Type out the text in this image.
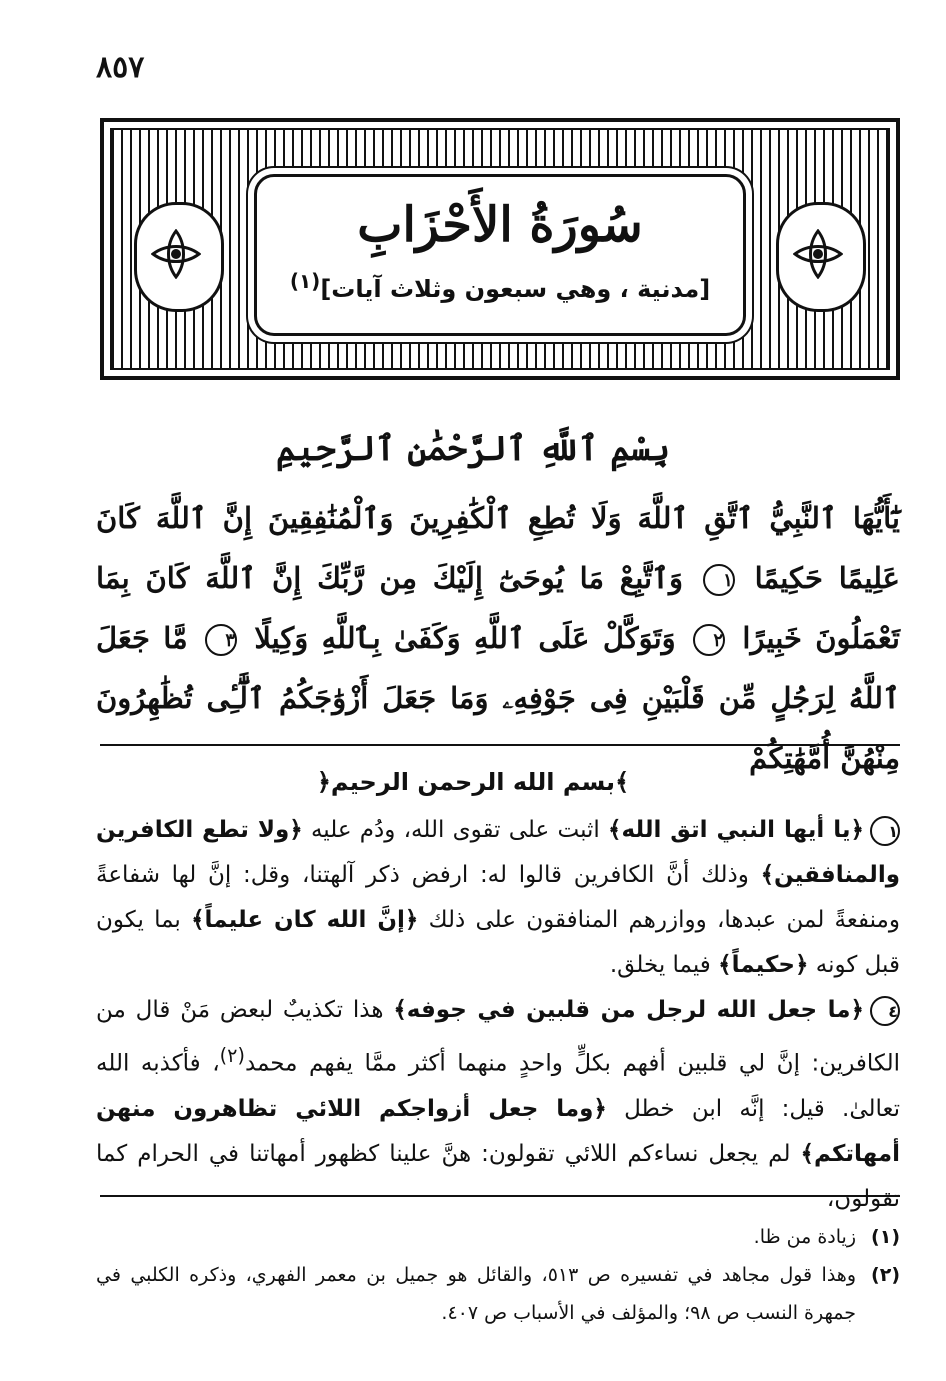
٨٥٧
سُورَةُ الأَحْزَابِ
[مدنية ، وهي سبعون وثلاث آيات]$^{(١)}$
بِسْمِ ٱللَّهِ ٱلرَّحْمَٰنِ ٱلرَّحِيمِ
يَٰٓأَيُّهَا ٱلنَّبِيُّ ٱتَّقِ ٱللَّهَ وَلَا تُطِعِ ٱلْكَٰفِرِينَ وَٱلْمُنَٰفِقِينَ إِنَّ ٱللَّهَ كَانَ عَلِيمًا حَكِيمًا ١ وَٱتَّبِعْ مَا يُوحَىٰٓ إِلَيْكَ مِن رَّبِّكَ إِنَّ ٱللَّهَ كَانَ بِمَا تَعْمَلُونَ خَبِيرًا ٢ وَتَوَكَّلْ عَلَى ٱللَّهِ وَكَفَىٰ بِٱللَّهِ وَكِيلًا ٣ مَّا جَعَلَ ٱللَّهُ لِرَجُلٍ مِّن قَلْبَيْنِ فِى جَوْفِهِۦ وَمَا جَعَلَ أَزْوَٰجَكُمُ ٱلَّٰٓـِٔى تُظَٰهِرُونَ مِنْهُنَّ أُمَّهَٰتِكُمْ
﴿بسم الله الرحمن الرحيم﴾

١﴿يا أيها النبي اتق الله﴾ اثبت على تقوى الله، ودُم عليه ﴿ولا تطع الكافرين والمنافقين﴾ وذلك أنَّ الكافرين قالوا له: ارفض ذكر آلهتنا، وقل: إنَّ لها شفاعةً ومنفعةً لمن عبدها، ووازرهم المنافقون على ذلك ﴿إنَّ الله كان عليماً﴾ بما يكون قبل كونه ﴿حكيماً﴾ فيما يخلق.

٤﴿ما جعل الله لرجل من قلبين في جوفه﴾ هذا تكذيبٌ لبعض مَنْ قال من الكافرين: إنَّ لي قلبين أفهم بكلٍّ واحدٍ منهما أكثر ممَّا يفهم محمد$^{(٢)}$، فأكذبه الله تعالىٰ. قيل: إنَّه ابن خطل ﴿وما جعل أزواجكم اللائي تظاهرون منهن أمهاتكم﴾ لم يجعل نساءكم اللائي تقولون: هنَّ علينا كظهور أمهاتنا في الحرام كما تقولون،

(١)
زيادة من ظا.
(٢)
وهذا قول مجاهد في تفسيره ص ٥١٣، والقائل هو جميل بن معمر الفهري، وذكره الكلبي في جمهرة النسب ص ٩٨؛ والمؤلف في الأسباب ص ٤٠٧.
